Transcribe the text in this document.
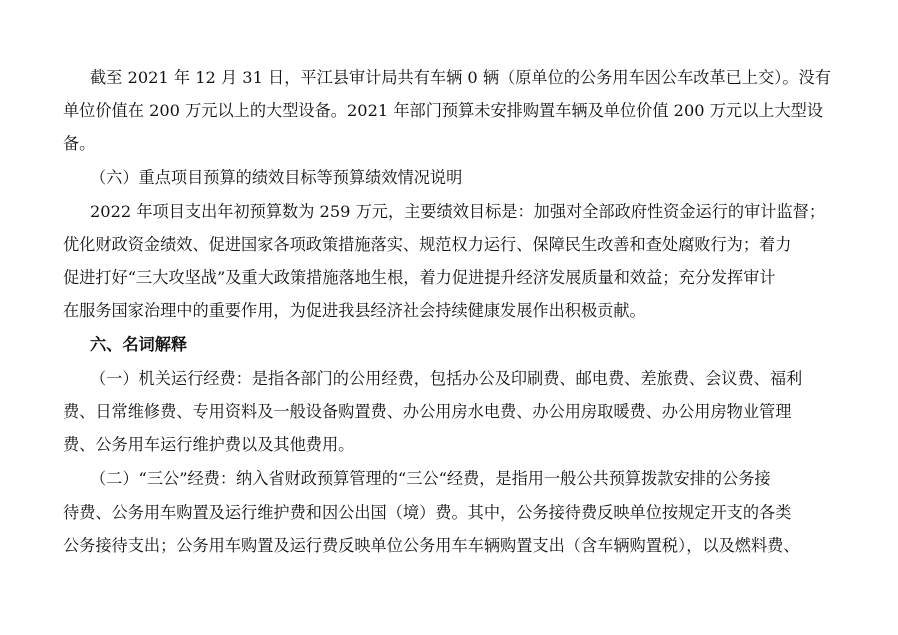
截至 2021 年 12 月 31 日，平江县审计局共有车辆 0 辆（原单位的公务用车因公车改革已上交）。没有
单位价值在 200 万元以上的大型设备。2021 年部门预算未安排购置车辆及单位价值 200 万元以上大型设
备。
（六）重点项目预算的绩效目标等预算绩效情况说明
2022 年项目支出年初预算数为 259 万元，主要绩效目标是：加强对全部政府性资金运行的审计监督；
优化财政资金绩效、促进国家各项政策措施落实、规范权力运行、保障民生改善和查处腐败行为；着力
促进打好“三大攻坚战”及重大政策措施落地生根，着力促进提升经济发展质量和效益；充分发挥审计
在服务国家治理中的重要作用，为促进我县经济社会持续健康发展作出积极贡献。
六、名词解释
（一）机关运行经费：是指各部门的公用经费，包括办公及印刷费、邮电费、差旅费、会议费、福利
费、日常维修费、专用资料及一般设备购置费、办公用房水电费、办公用房取暖费、办公用房物业管理
费、公务用车运行维护费以及其他费用。
（二）“三公”经费：纳入省财政预算管理的“三公“经费，是指用一般公共预算拨款安排的公务接
待费、公务用车购置及运行维护费和因公出国（境）费。其中，公务接待费反映单位按规定开支的各类
公务接待支出；公务用车购置及运行费反映单位公务用车车辆购置支出（含车辆购置税），以及燃料费、
